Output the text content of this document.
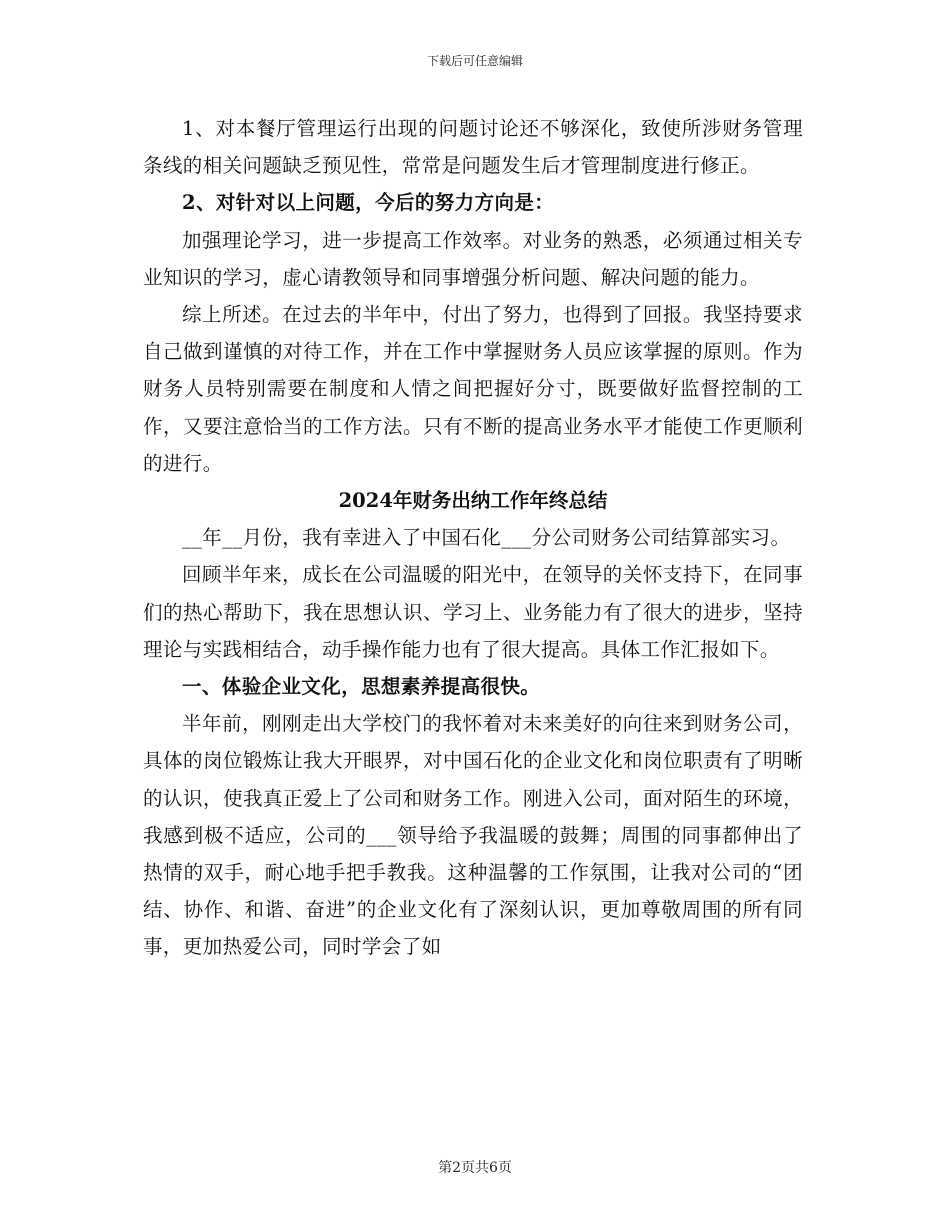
下载后可任意编辑

1、对本餐厅管理运行出现的问题讨论还不够深化，致使所涉财务管理条线的相关问题缺乏预见性，常常是问题发生后才管理制度进行修正。

2、对针对以上问题，今后的努力方向是：

加强理论学习，进一步提高工作效率。对业务的熟悉，必须通过相关专业知识的学习，虚心请教领导和同事增强分析问题、解决问题的能力。

综上所述。在过去的半年中，付出了努力，也得到了回报。我坚持要求自己做到谨慎的对待工作，并在工作中掌握财务人员应该掌握的原则。作为财务人员特别需要在制度和人情之间把握好分寸，既要做好监督控制的工作，又要注意恰当的工作方法。只有不断的提高业务水平才能使工作更顺利的进行。

2024年财务出纳工作年终总结

__年__月份，我有幸进入了中国石化___分公司财务公司结算部实习。

回顾半年来，成长在公司温暖的阳光中，在领导的关怀支持下，在同事们的热心帮助下，我在思想认识、学习上、业务能力有了很大的进步，坚持理论与实践相结合，动手操作能力也有了很大提高。具体工作汇报如下。

一、体验企业文化，思想素养提高很快。

半年前，刚刚走出大学校门的我怀着对未来美好的向往来到财务公司，具体的岗位锻炼让我大开眼界，对中国石化的企业文化和岗位职责有了明晰的认识，使我真正爱上了公司和财务工作。刚进入公司，面对陌生的环境，我感到极不适应，公司的___领导给予我温暖的鼓舞；周围的同事都伸出了热情的双手，耐心地手把手教我。这种温馨的工作氛围，让我对公司的“团结、协作、和谐、奋进”的企业文化有了深刻认识，更加尊敬周围的所有同事，更加热爱公司，同时学会了如

第2页共6页
